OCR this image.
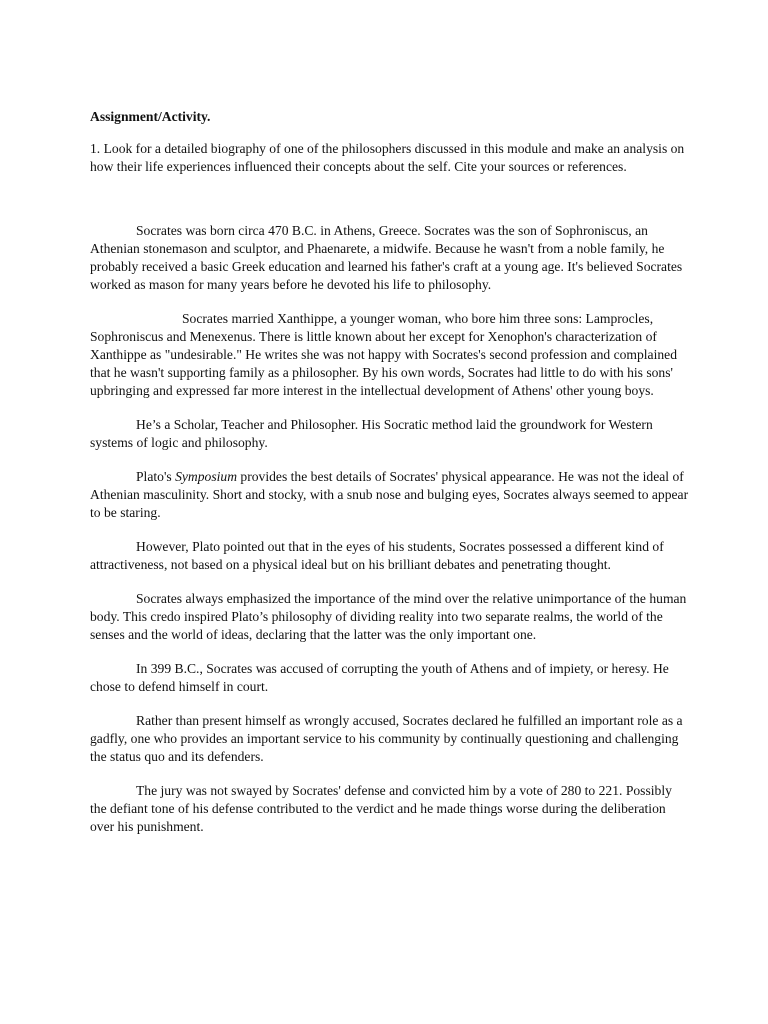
Assignment/Activity.
1. Look for a detailed biography of one of the philosophers discussed in this module and make an analysis on how their life experiences influenced their concepts about the self. Cite your sources or references.
Socrates was born circa 470 B.C. in Athens, Greece. Socrates was the son of Sophroniscus, an Athenian stonemason and sculptor, and Phaenarete, a midwife. Because he wasn't from a noble family, he probably received a basic Greek education and learned his father's craft at a young age. It's believed Socrates worked as mason for many years before he devoted his life to philosophy.
Socrates married Xanthippe, a younger woman, who bore him three sons: Lamprocles, Sophroniscus and Menexenus. There is little known about her except for Xenophon's characterization of Xanthippe as "undesirable." He writes she was not happy with Socrates's second profession and complained that he wasn't supporting family as a philosopher. By his own words, Socrates had little to do with his sons' upbringing and expressed far more interest in the intellectual development of Athens' other young boys.
He’s a Scholar, Teacher and Philosopher. His Socratic method laid the groundwork for Western systems of logic and philosophy.
Plato's Symposium provides the best details of Socrates' physical appearance. He was not the ideal of Athenian masculinity. Short and stocky, with a snub nose and bulging eyes, Socrates always seemed to appear to be staring.
However, Plato pointed out that in the eyes of his students, Socrates possessed a different kind of attractiveness, not based on a physical ideal but on his brilliant debates and penetrating thought.
Socrates always emphasized the importance of the mind over the relative unimportance of the human body. This credo inspired Plato’s philosophy of dividing reality into two separate realms, the world of the senses and the world of ideas, declaring that the latter was the only important one.
In 399 B.C., Socrates was accused of corrupting the youth of Athens and of impiety, or heresy. He chose to defend himself in court.
Rather than present himself as wrongly accused, Socrates declared he fulfilled an important role as a gadfly, one who provides an important service to his community by continually questioning and challenging the status quo and its defenders.
The jury was not swayed by Socrates' defense and convicted him by a vote of 280 to 221. Possibly the defiant tone of his defense contributed to the verdict and he made things worse during the deliberation over his punishment.
